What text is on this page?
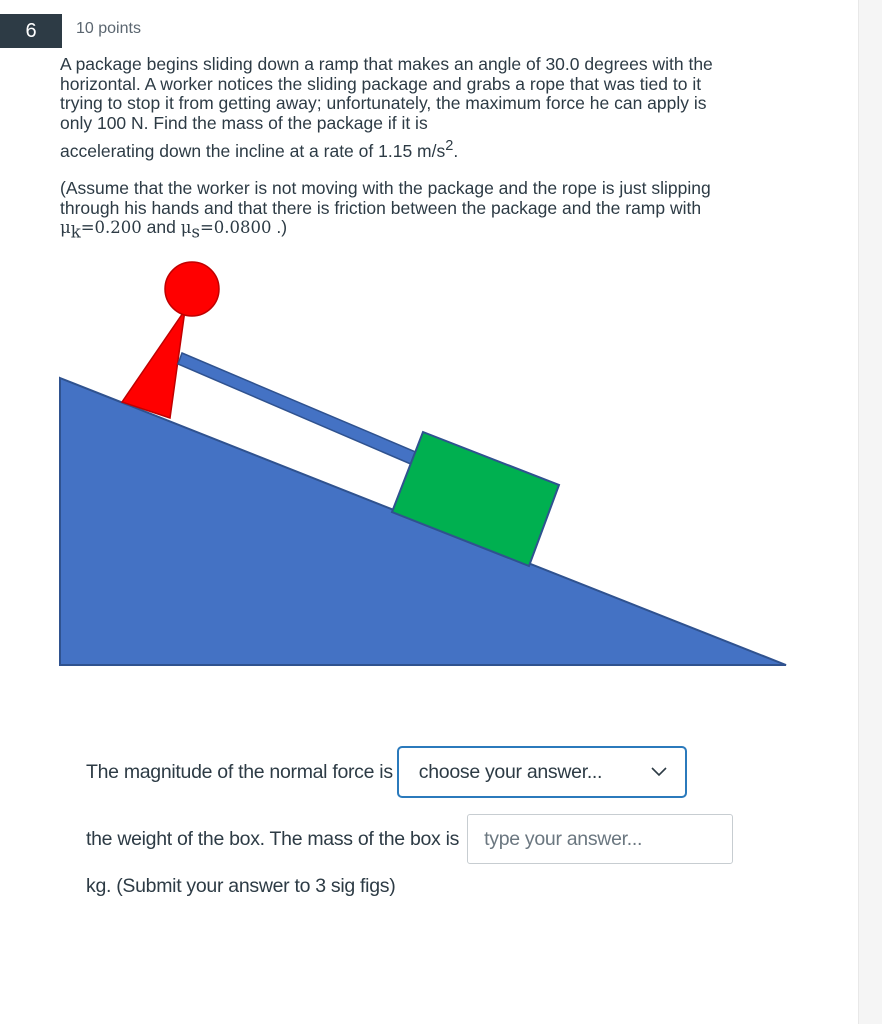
6	10 points

A package begins sliding down a ramp that makes an angle of 30.0 degrees with the

horizontal. A worker notices the sliding package and grabs a rope that was tied to it

trying to stop it from getting away; unfortunately, the maximum force he can apply is

only 100 N. Find the mass of the package if it is

accelerating down the incline at a rate of 1.15 $m/s^2$.

(Assume that the worker is not moving with the package and the rope is just slipping

through his hands and that there is friction between the package and the ramp with

$\mu_k=0.200$ and $\mu_s=0.0800$ .)

The magnitude of the normal force is choose your answer...
the weight of the box. The mass of the box is
type your answer...
kg. (Submit your answer to 3 sig figs)
